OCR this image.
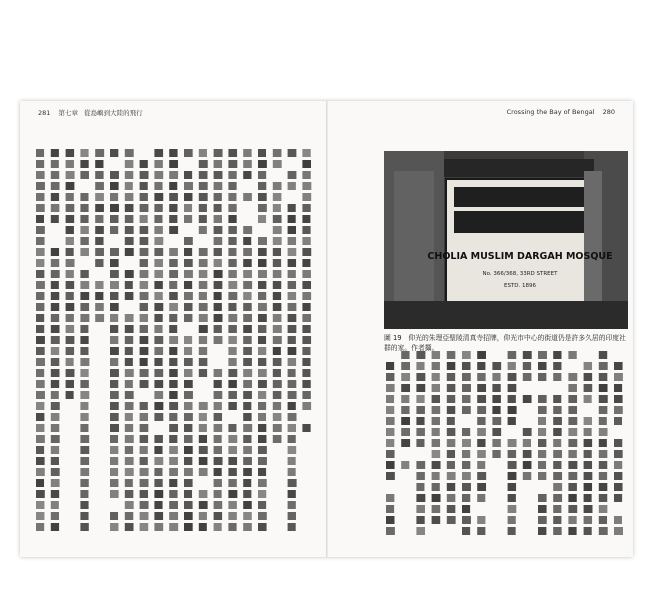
281 第七章 從島嶼到大陸的飛行	Crossing the Bay of Bengal 280
CHOLIA MUSLIM DARGAH MOSQUE
No. 366/368, 33RD STREET
ESTD. 1896
圖 19　仰光的朱理亞聖陵清真寺招牌，仰光市中心的街道仍是許多久居的印度社群的家。作者攝。
